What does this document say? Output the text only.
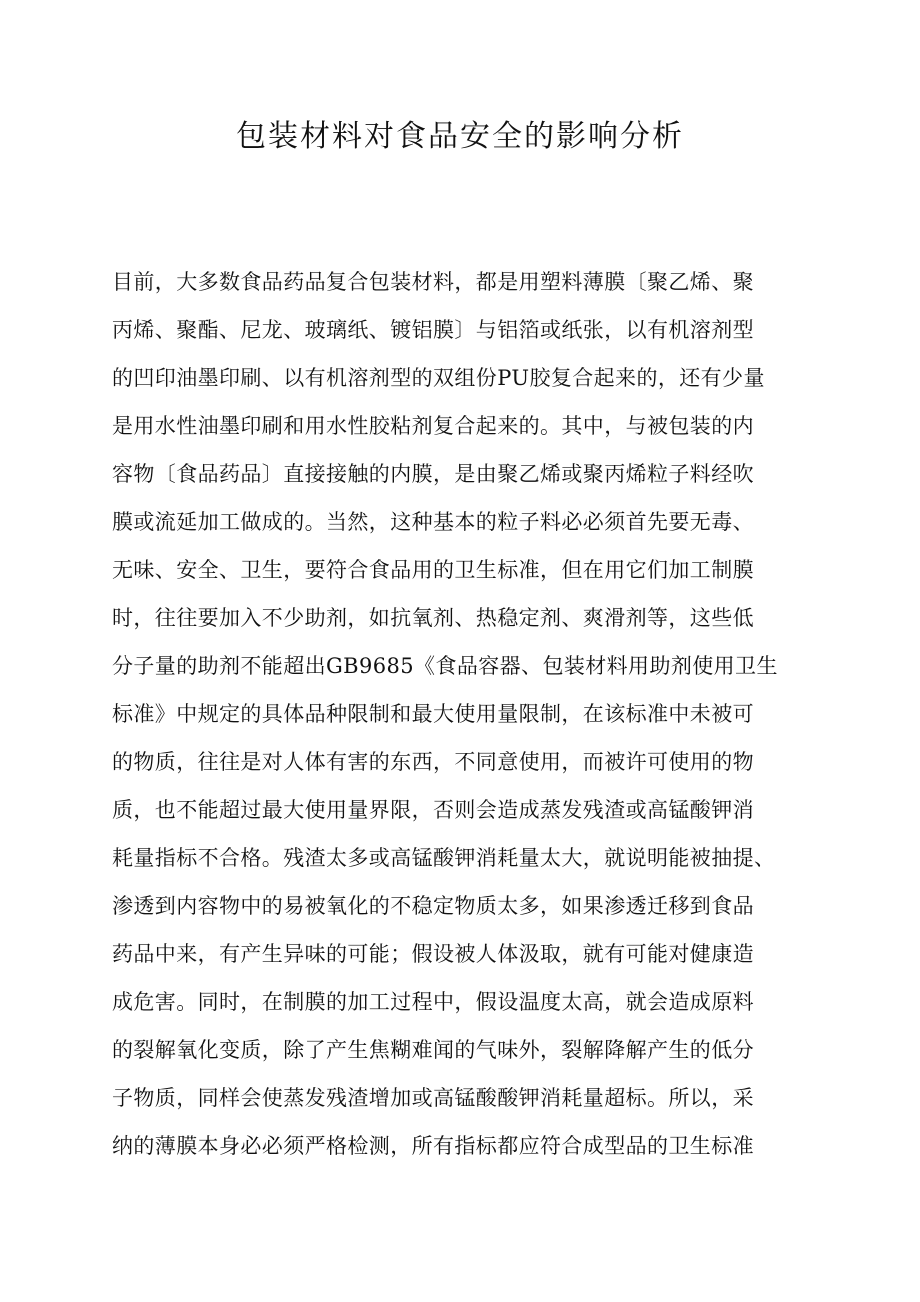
包装材料对食品安全的影响分析
目前，大多数食品药品复合包装材料，都是用塑料薄膜〔聚乙烯、聚
丙烯、聚酯、尼龙、玻璃纸、镀铝膜〕与铝箔或纸张，以有机溶剂型
的凹印油墨印刷、以有机溶剂型的双组份PU胶复合起来的，还有少量
是用水性油墨印刷和用水性胶粘剂复合起来的。其中，与被包装的内
容物〔食品药品〕直接接触的内膜，是由聚乙烯或聚丙烯粒子料经吹
膜或流延加工做成的。当然，这种基本的粒子料必必须首先要无毒、
无味、安全、卫生，要符合食品用的卫生标准，但在用它们加工制膜
时，往往要加入不少助剂，如抗氧剂、热稳定剂、爽滑剂等，这些低
分子量的助剂不能超出GB9685《食品容器、包装材料用助剂使用卫生
标准》中规定的具体品种限制和最大使用量限制，在该标准中未被可
的物质，往往是对人体有害的东西，不同意使用，而被许可使用的物
质，也不能超过最大使用量界限，否则会造成蒸发残渣或高锰酸钾消
耗量指标不合格。残渣太多或高锰酸钾消耗量太大，就说明能被抽提、
渗透到内容物中的易被氧化的不稳定物质太多，如果渗透迁移到食品
药品中来，有产生异味的可能；假设被人体汲取，就有可能对健康造
成危害。同时，在制膜的加工过程中，假设温度太高，就会造成原料
的裂解氧化变质，除了产生焦糊难闻的气味外，裂解降解产生的低分
子物质，同样会使蒸发残渣增加或高锰酸酸钾消耗量超标。所以，采
纳的薄膜本身必必须严格检测，所有指标都应符合成型品的卫生标准
